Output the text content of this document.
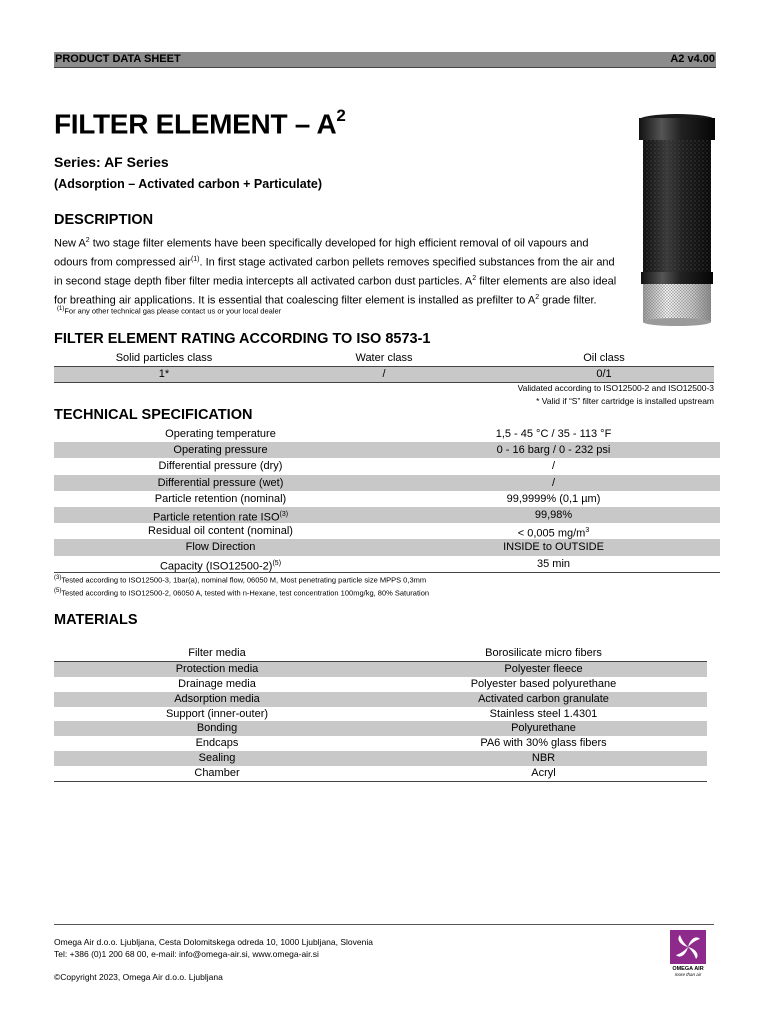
PRODUCT DATA SHEET	A2 v4.00
FILTER ELEMENT – $A^2$
Series: AF Series
(Adsorption – Activated carbon + Particulate)
DESCRIPTION
New $A^2$ two stage filter elements have been specifically developed for high efficient removal of oil vapours and odours from compressed air$^{(1)}$. In first stage activated carbon pellets removes specified substances from the air and in second stage depth fiber filter media intercepts all activated carbon dust particles. $A^2$ filter elements are also ideal for breathing air applications. It is essential that coalescing filter element is installed as prefilter to $A^2$ grade filter.
$^{(1)}$For any other technical gas please contact us or your local dealer
FILTER ELEMENT RATING ACCORDING TO ISO 8573-1
Solid particles class	Water class	Oil class
1*	/	0/1
Validated according to ISO12500-2 and ISO12500-3
* Valid if “S” filter cartridge is installed upstream
TECHNICAL SPECIFICATION
Operating temperature	1,5 - 45 °C / 35 - 113 °F
Operating pressure	0 - 16 barg / 0 - 232 psi
Differential pressure (dry)	/
Differential pressure (wet)	/
Particle retention (nominal)	99,9999% (0,1 µm)
Particle retention rate ISO$^{(3)}$	99,98%
Residual oil content (nominal)	< 0,005 $mg/m^3$
Flow Direction	INSIDE to OUTSIDE
Capacity $(ISO12500-2)^{(5)}$	35 min
$^{(3)}$Tested according to ISO12500-3, 1bar(a), nominal flow, 06050 M, Most penetrating particle size MPPS 0,3mm
$^{(5)}$Tested according to ISO12500-2, 06050 A, tested with n-Hexane, test concentration 100mg/kg, 80% Saturation
MATERIALS
Filter media	Borosilicate micro fibers
Protection media	Polyester fleece
Drainage media	Polyester based polyurethane
Adsorption media	Activated carbon granulate
Support (inner-outer)	Stainless steel 1.4301
Bonding	Polyurethane
Endcaps	PA6 with 30% glass fibers
Sealing	NBR
Chamber	Acryl
Omega Air d.o.o. Ljubljana, Cesta Dolomitskega odreda 10, 1000 Ljubljana, Slovenia
Tel: +386 (0)1 200 68 00, e-mail: info@omega-air.si, www.omega-air.si
©Copyright 2023, Omega Air d.o.o. Ljubljana
OMEGA AIR
more than air
